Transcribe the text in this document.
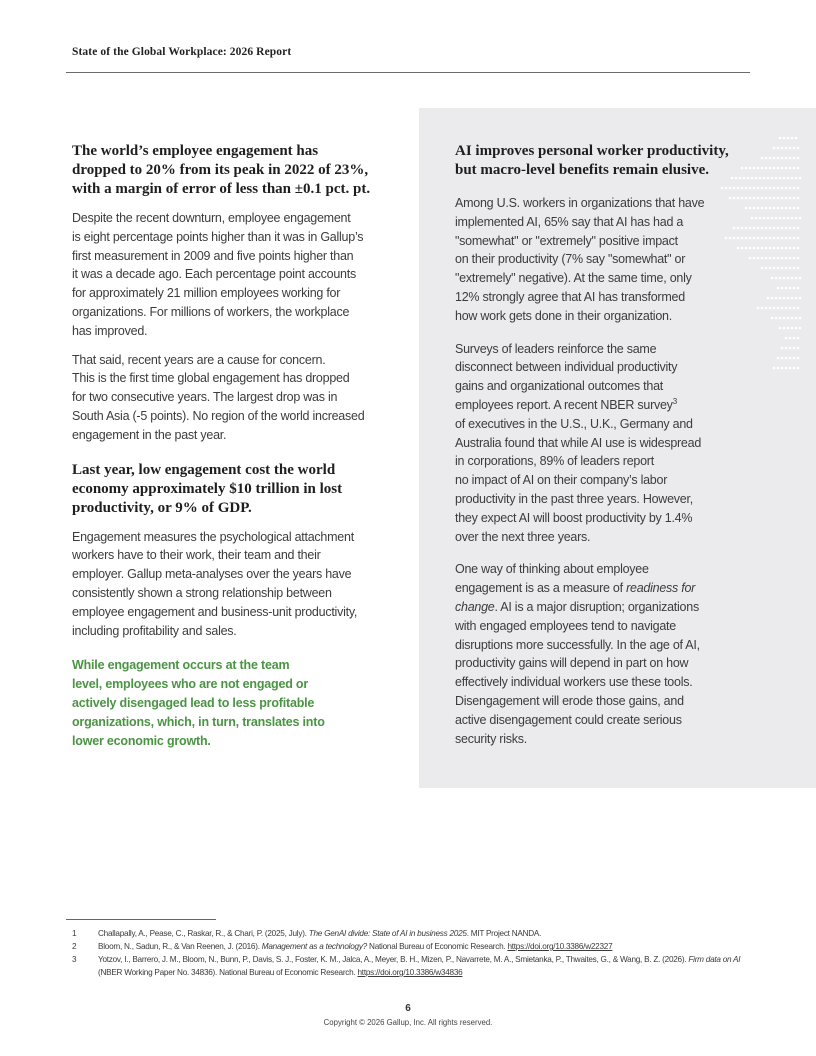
State of the Global Workplace: 2026 Report
The world’s employee engagement has
dropped to 20% from its peak in 2022 of 23%,
with a margin of error of less than ±0.1 pct. pt.

Despite the recent downturn, employee engagement
is eight percentage points higher than it was in Gallup’s
first measurement in 2009 and five points higher than
it was a decade ago. Each percentage point accounts
for approximately 21 million employees working for
organizations. For millions of workers, the workplace
has improved.

That said, recent years are a cause for concern.
This is the first time global engagement has dropped
for two consecutive years. The largest drop was in
South Asia (-5 points). No region of the world increased
engagement in the past year.

Last year, low engagement cost the world
economy approximately $10 trillion in lost
productivity, or 9% of GDP.

Engagement measures the psychological attachment
workers have to their work, their team and their
employer. Gallup meta-analyses over the years have
consistently shown a strong relationship between
employee engagement and business-unit productivity,
including profitability and sales.

While engagement occurs at the team
level, employees who are not engaged or
actively disengaged lead to less profitable
organizations, which, in turn, translates into
lower economic growth.
AI improves personal worker productivity,
but macro-level benefits remain elusive.

Among U.S. workers in organizations that have
implemented AI, 65% say that AI has had a
"somewhat" or "extremely" positive impact
on their productivity (7% say "somewhat" or
"extremely" negative). At the same time, only
12% strongly agree that AI has transformed
how work gets done in their organization.

Surveys of leaders reinforce the same
disconnect between individual productivity
gains and organizational outcomes that
employees report. A recent NBER survey$^3$
of executives in the U.S., U.K., Germany and
Australia found that while AI use is widespread
in corporations, 89% of leaders report
no impact of AI on their company’s labor
productivity in the past three years. However,
they expect AI will boost productivity by 1.4%
over the next three years.

One way of thinking about employee
engagement is as a measure of readiness for
change. AI is a major disruption; organizations
with engaged employees tend to navigate
disruptions more successfully. In the age of AI,
productivity gains will depend in part on how
effectively individual workers use these tools.
Disengagement will erode those gains, and
active disengagement could create serious
security risks.

1	Challapally, A., Pease, C., Raskar, R., & Chari, P. (2025, July). The GenAI divide: State of AI in business 2025. MIT Project NANDA.
2	Bloom, N., Sadun, R., & Van Reenen, J. (2016). Management as a technology? National Bureau of Economic Research. https://doi.org/10.3386/w22327
3	Yotzov, I., Barrero, J. M., Bloom, N., Bunn, P., Davis, S. J., Foster, K. M., Jalca, A., Meyer, B. H., Mizen, P., Navarrete, M. A., Smietanka, P., Thwaites, G., & Wang, B. Z. (2026). Firm data on AI (NBER Working Paper No. 34836). National Bureau of Economic Research. https://doi.org/10.3386/w34836
6
Copyright © 2026 Gallup, Inc. All rights reserved.
